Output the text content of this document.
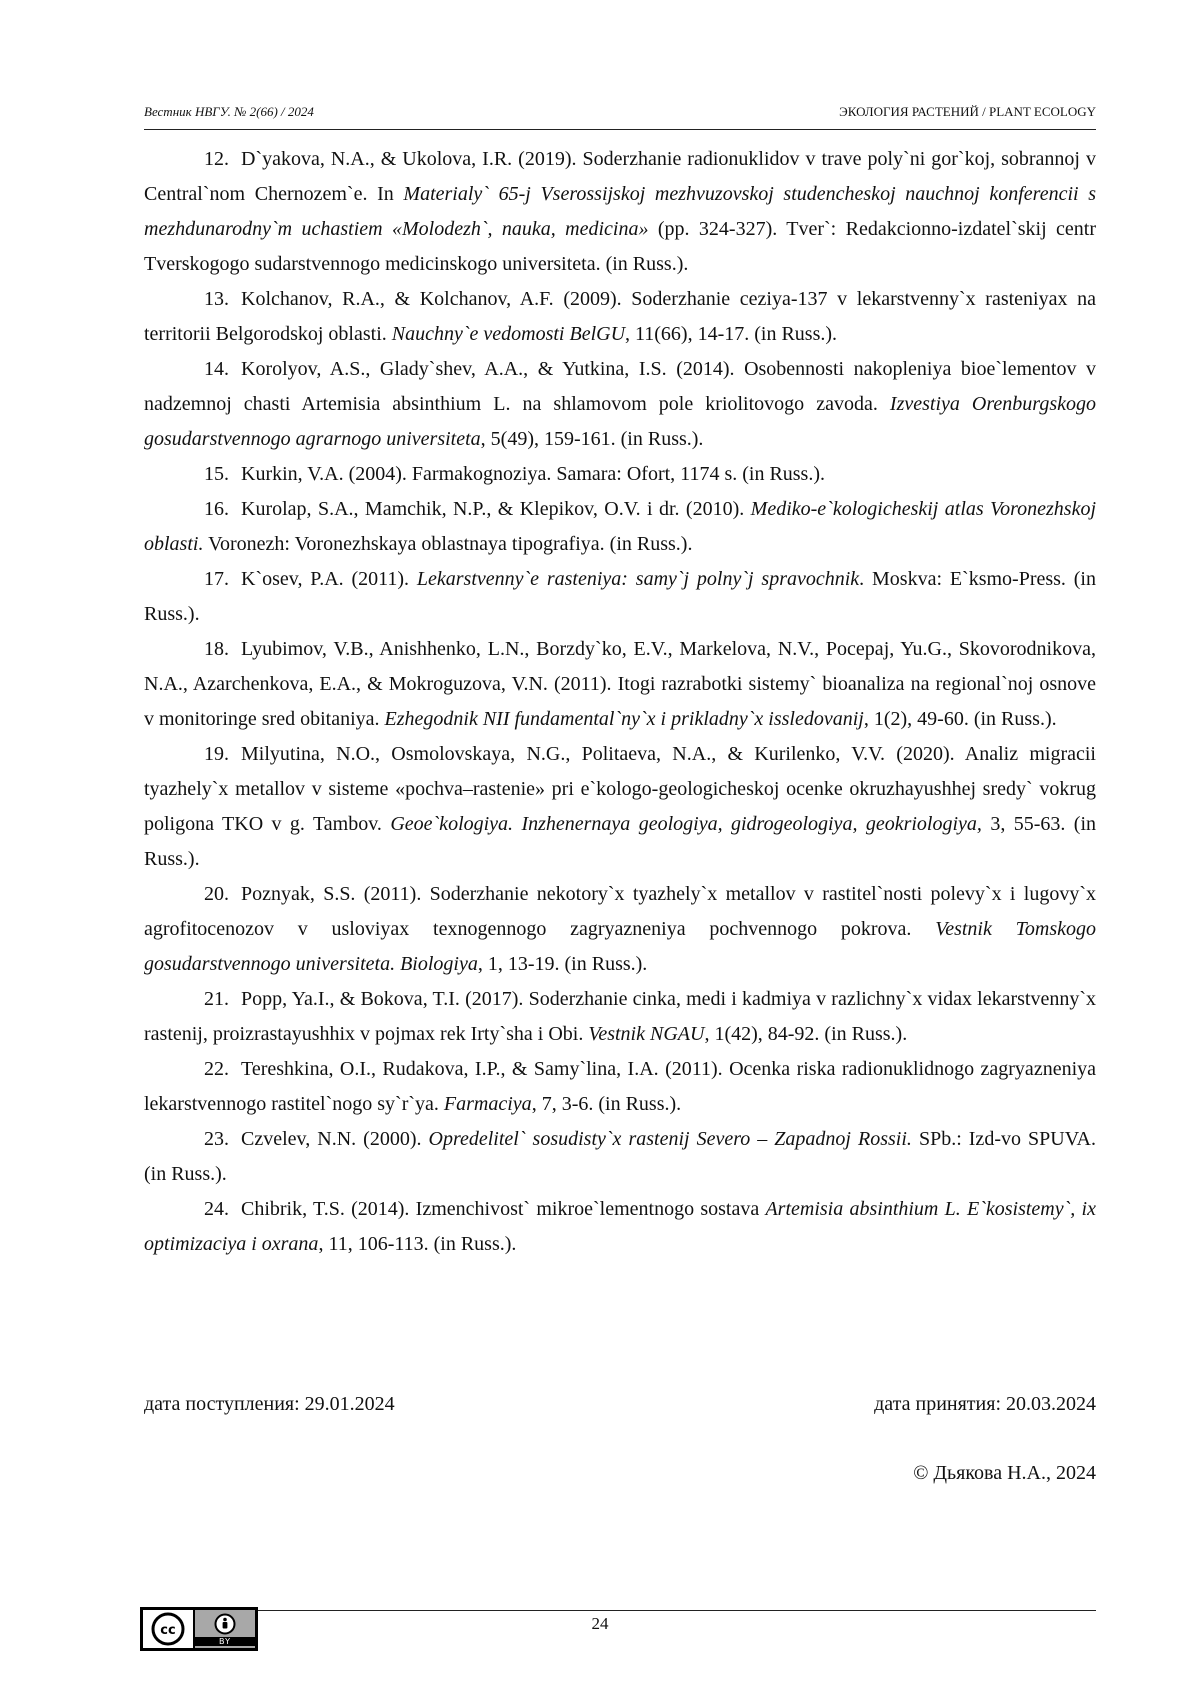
Вестник НВГУ. № 2(66) / 2024	ЭКОЛОГИЯ РАСТЕНИЙ / PLANT ECOLOGY

12. D`yakova, N.A., & Ukolova, I.R. (2019). Soderzhanie radionuklidov v trave poly`ni gor`koj, sobrannoj v Central`nom Chernozem`e. In Materialy` 65-j Vserossijskoj mezhvuzovskoj studencheskoj nauchnoj konferencii s mezhdunarodny`m uchastiem «Molodezh`, nauka, medicina» (pp. 324-327). Tver`: Redakcionno-izdatel`skij centr Tverskogogo sudarstvennogo medicinskogo universiteta. (in Russ.).

13. Kolchanov, R.A., & Kolchanov, A.F. (2009). Soderzhanie ceziya-137 v lekarstvenny`x rasteniyax na territorii Belgorodskoj oblasti. Nauchny`e vedomosti BelGU, 11(66), 14-17. (in Russ.).

14. Korolyov, A.S., Glady`shev, A.A., & Yutkina, I.S. (2014). Osobennosti nakopleniya bioe`lementov v nadzemnoj chasti Artemisia absinthium L. na shlamovom pole kriolitovogo zavoda. Izvestiya Orenburgskogo gosudarstvennogo agrarnogo universiteta, 5(49), 159-161. (in Russ.).

15. Kurkin, V.A. (2004). Farmakognoziya. Samara: Ofort, 1174 s. (in Russ.).

16. Kurolap, S.A., Mamchik, N.P., & Klepikov, O.V. i dr. (2010). Mediko-e`kologicheskij atlas Voronezhskoj oblasti. Voronezh: Voronezhskaya oblastnaya tipografiya. (in Russ.).

17. K`osev, P.A. (2011). Lekarstvenny`e rasteniya: samy`j polny`j spravochnik. Moskva: E`ksmo-Press. (in Russ.).

18. Lyubimov, V.B., Anishhenko, L.N., Borzdy`ko, E.V., Markelova, N.V., Pocepaj, Yu.G., Skovorodnikova, N.A., Azarchenkova, E.A., & Mokroguzova, V.N. (2011). Itogi razrabotki sistemy` bioanaliza na regional`noj osnove v monitoringe sred obitaniya. Ezhegodnik NII fundamental`ny`x i prikladny`x issledovanij, 1(2), 49-60. (in Russ.).

19. Milyutina, N.O., Osmolovskaya, N.G., Politaeva, N.A., & Kurilenko, V.V. (2020). Analiz migracii tyazhely`x metallov v sisteme «pochva–rastenie» pri e`kologo-geologicheskoj ocenke okruzhayushhej sredy` vokrug poligona TKO v g. Tambov. Geoe`kologiya. Inzhenernaya geologiya, gidrogeologiya, geokriologiya, 3, 55-63. (in Russ.).

20. Poznyak, S.S. (2011). Soderzhanie nekotory`x tyazhely`x metallov v rastitel`nosti polevy`x i lugovy`x agrofitocenozov v usloviyax texnogennogo zagryazneniya pochvennogo pokrova. Vestnik Tomskogo gosudarstvennogo universiteta. Biologiya, 1, 13-19. (in Russ.).

21. Popp, Ya.I., & Bokova, T.I. (2017). Soderzhanie cinka, medi i kadmiya v razlichny`x vidax lekarstvenny`x rastenij, proizrastayushhix v pojmax rek Irty`sha i Obi. Vestnik NGAU, 1(42), 84-92. (in Russ.).

22. Tereshkina, O.I., Rudakova, I.P., & Samy`lina, I.A. (2011). Ocenka riska radionuklidnogo zagryazneniya lekarstvennogo rastitel`nogo sy`r`ya. Farmaciya, 7, 3-6. (in Russ.).

23. Czvelev, N.N. (2000). Opredelitel` sosudisty`x rastenij Severo – Zapadnoj Rossii. SPb.: Izd-vo SPUVA. (in Russ.).

24. Chibrik, T.S. (2014). Izmenchivost` mikroe`lementnogo sostava Artemisia absinthium L. E`kosistemy`, ix optimizaciya i oxrana, 11, 106-113. (in Russ.).

дата поступления: 29.01.2024	дата принятия: 20.03.2024
© Дьякова Н.А., 2024
cc
BY
24
